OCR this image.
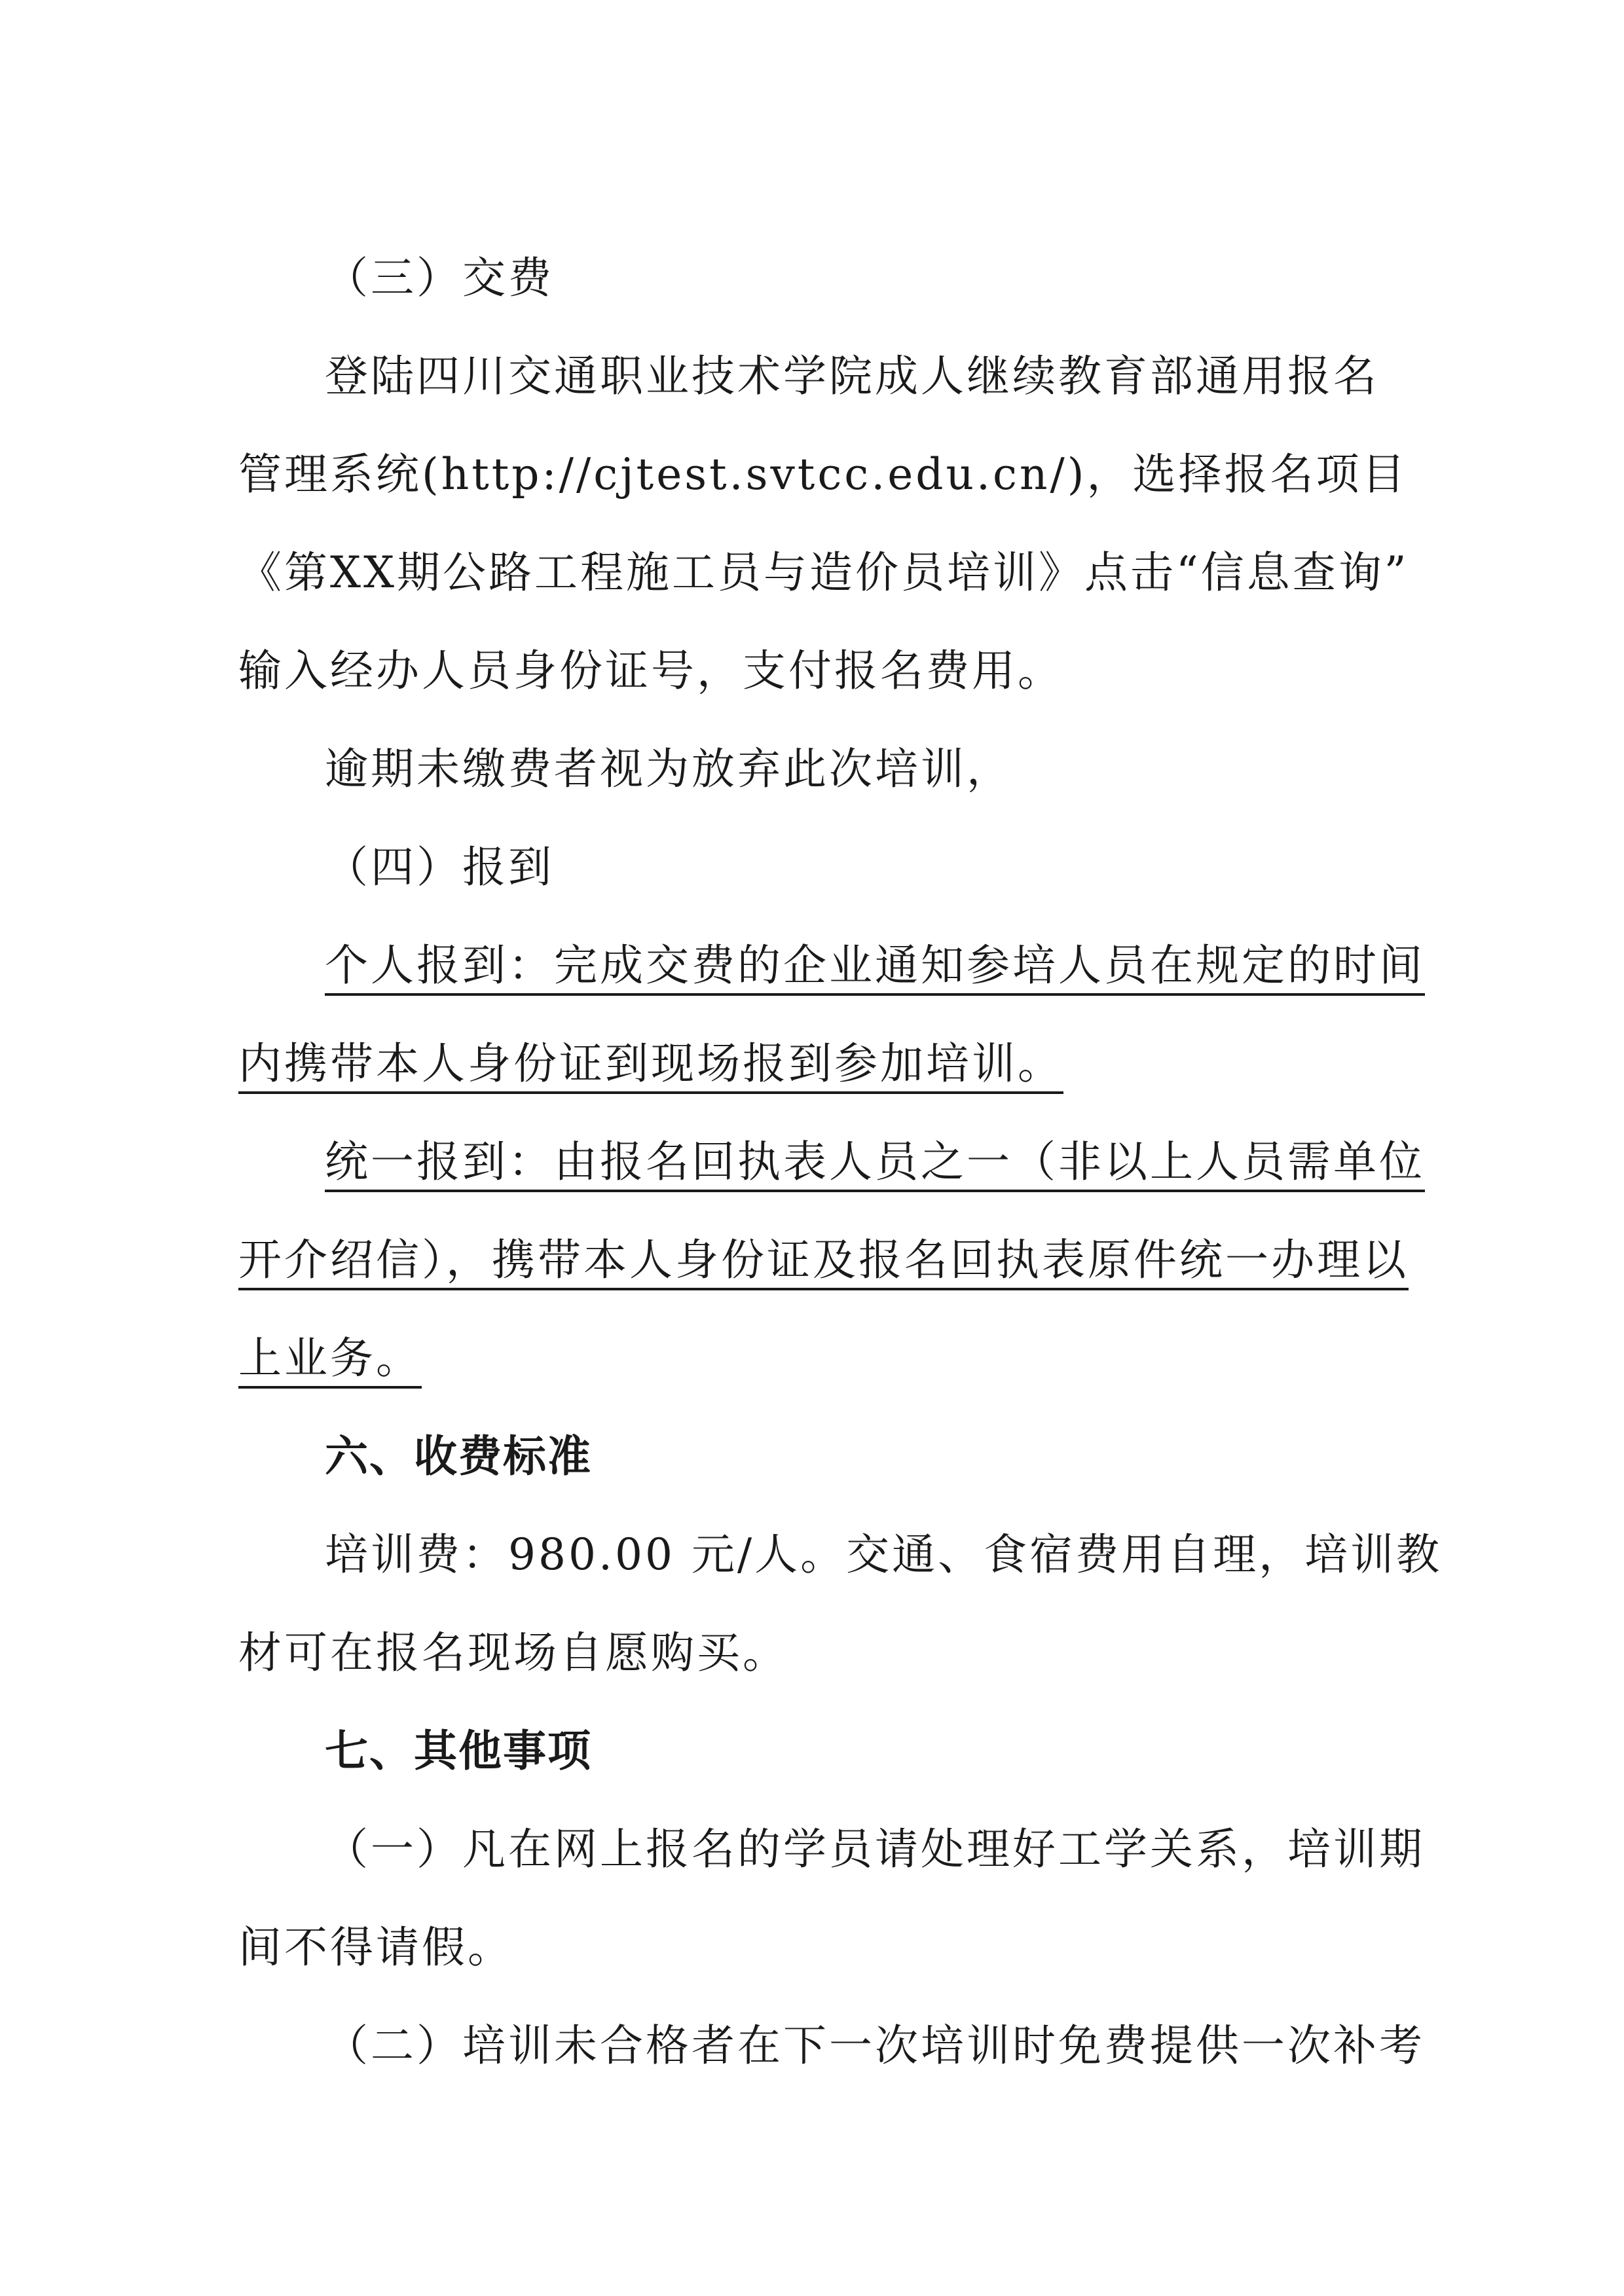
（三）交费
登陆四川交通职业技术学院成人继续教育部通用报名
管理系统(http://cjtest.svtcc.edu.cn/)，选择报名项目
《第XX期公路工程施工员与造价员培训》点击“信息查询”
输入经办人员身份证号，支付报名费用。
逾期未缴费者视为放弃此次培训，
（四）报到
个人报到：完成交费的企业通知参培人员在规定的时间
内携带本人身份证到现场报到参加培训。
统一报到：由报名回执表人员之一（非以上人员需单位
开介绍信），携带本人身份证及报名回执表原件统一办理以
上业务。
六、收费标准
培训费：980.00 元/人。交通、食宿费用自理，培训教
材可在报名现场自愿购买。
七、其他事项
（一）凡在网上报名的学员请处理好工学关系，培训期
间不得请假。
（二）培训未合格者在下一次培训时免费提供一次补考
